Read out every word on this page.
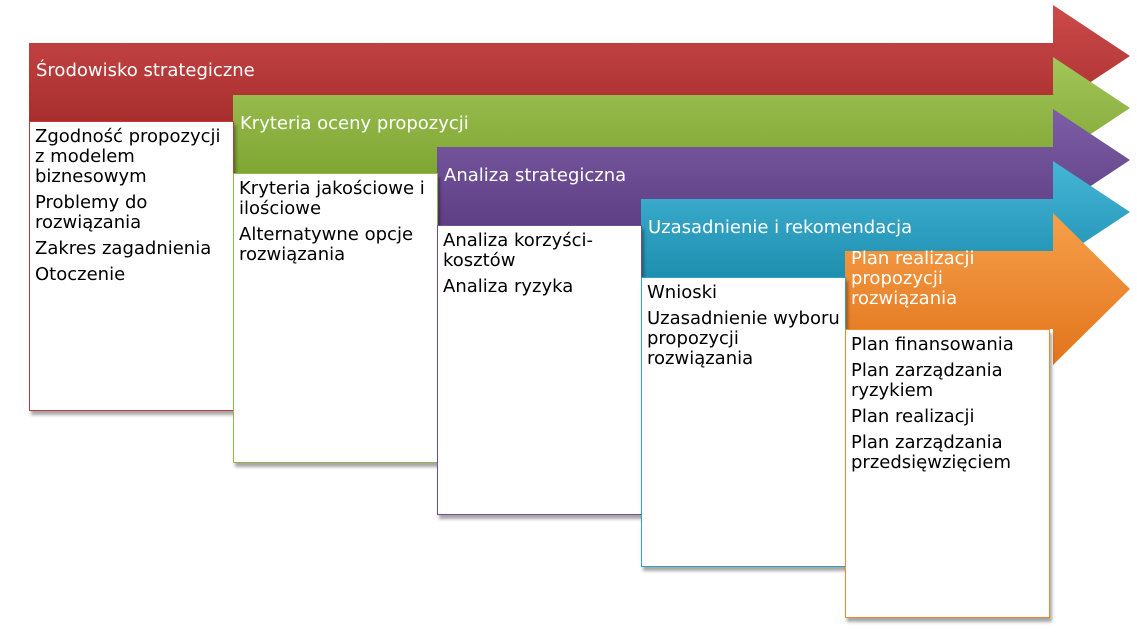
Środowisko strategiczne
Kryteria oceny propozycji
Analiza strategiczna
Uzasadnienie i rekomendacja
Plan realizacji propozycji rozwiązania
Zgodność propozycji z modelem biznesowym
Problemy do rozwiązania
Zakres zagadnienia
Otoczenie
Kryteria jakościowe i ilościowe
Alternatywne opcje rozwiązania
Analiza korzyści-kosztów
Analiza ryzyka	Wnioski
Uzasadnienie wyboru propozycji rozwiązania
Plan finansowania
Plan zarządzania ryzykiem
Plan realizacji
Plan zarządzania przedsięwzięciem
